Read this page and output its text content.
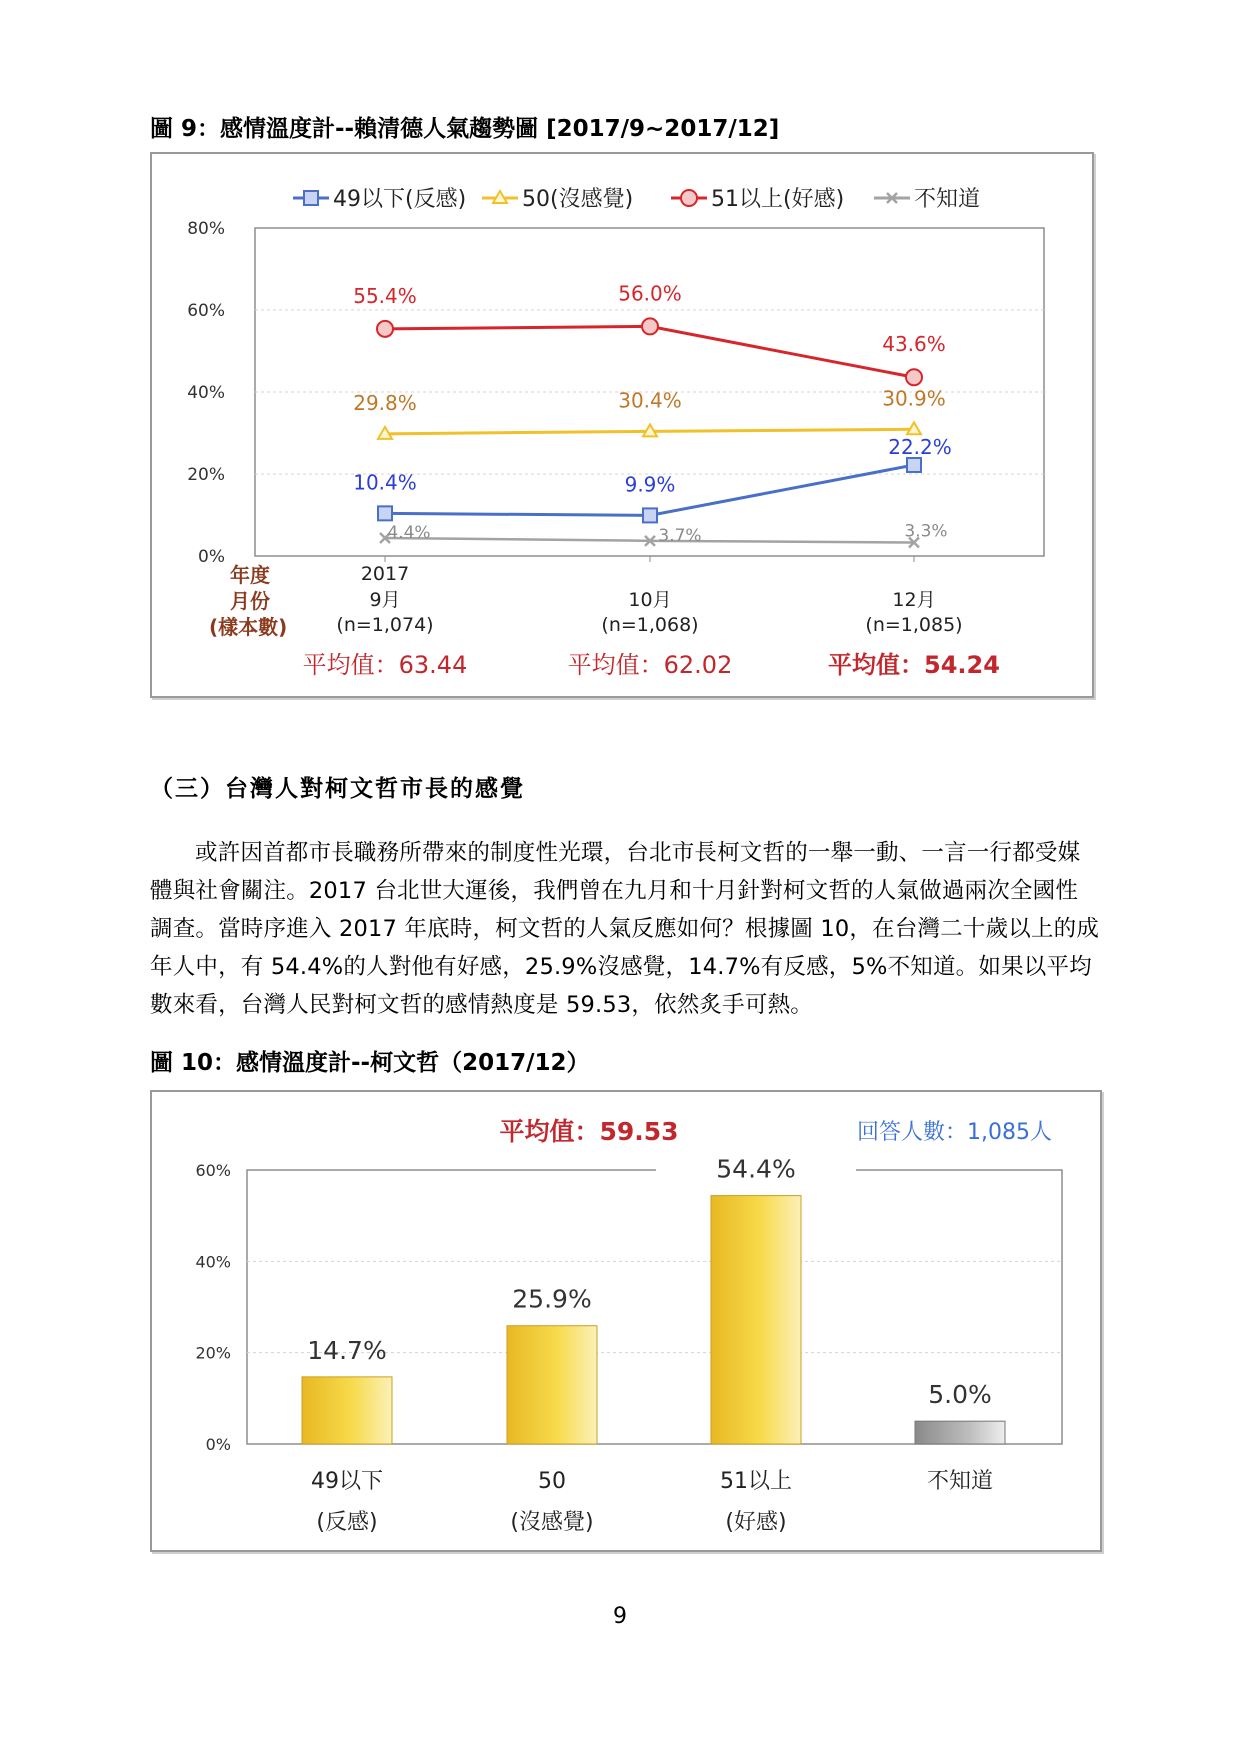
圖 9：感情溫度計--賴清德人氣趨勢圖 [2017/9~2017/12]

0%
20%
40%
60%
80%
49以下(反感)	50(沒感覺)	51以上(好感)	不知道
10.4%	9.9%
22.2%
29.8%	30.4%	30.9%
55.4%	56.0%
43.6%
4.4%	3.7%	3.3%
年度
月份
(樣本數)
2017
9月
(n=1,074)
10月
(n=1,068)
12月
(n=1,085)
平均值：63.44	平均值：62.02	平均值：54.24

（三）台灣人對柯文哲市長的感覺

或許因首都市長職務所帶來的制度性光環，台北市長柯文哲的一舉一動、一言一行都受媒體與社會關注。2017 台北世大運後，我們曾在九月和十月針對柯文哲的人氣做過兩次全國性調查。當時序進入 2017 年底時，柯文哲的人氣反應如何？根據圖 10，在台灣二十歲以上的成年人中，有 54.4%的人對他有好感，25.9%沒感覺，14.7%有反感，5%不知道。如果以平均數來看，台灣人民對柯文哲的感情熱度是 59.53，依然炙手可熱。

圖 10：感情溫度計--柯文哲（2017/12）

平均值：59.53	回答人數：1,085人
0%
20%
40%
60%
14.7%
49以下
(反感)
25.9%
50
(沒感覺)
54.4%
51以上
(好感)
5.0%
不知道
9
